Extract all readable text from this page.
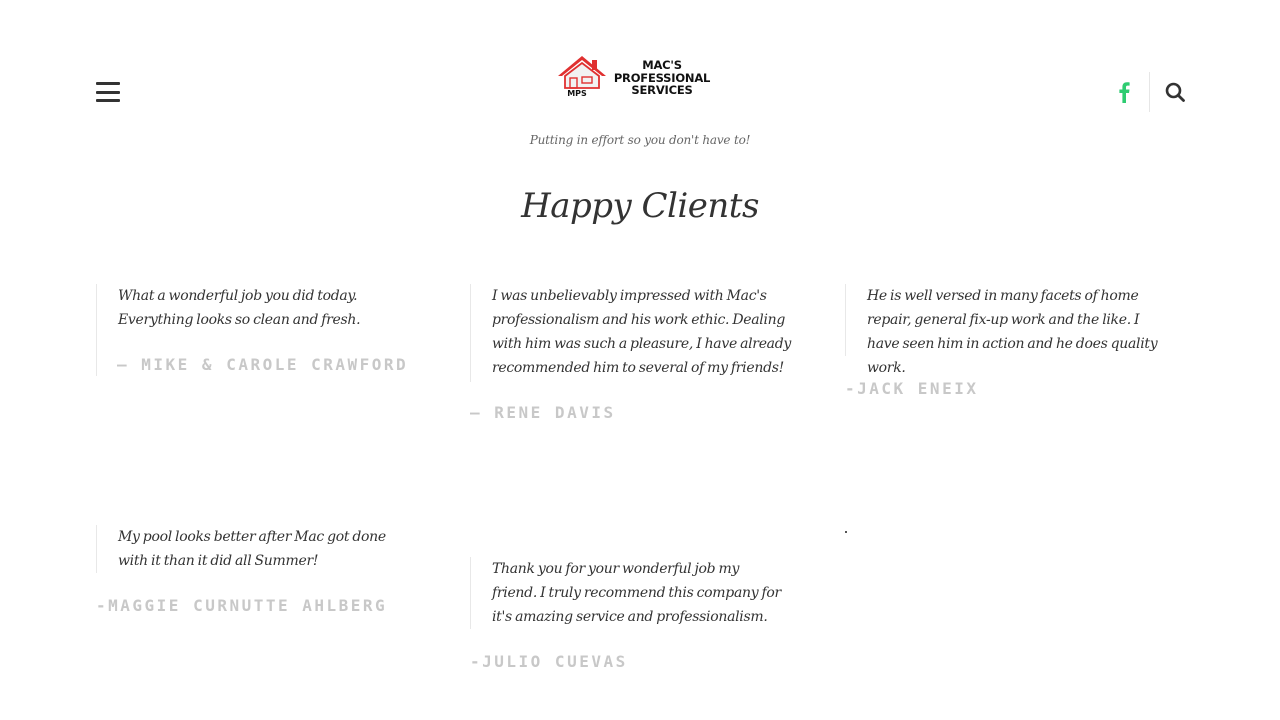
MPS
MAC'S
PROFESSIONAL
SERVICES
Putting in effort so you don't have to!
Happy Clients
What a wonderful job you did today. Everything looks so clean and fresh.
– MIKE & CAROLE CRAWFORD
I was unbelievably impressed with Mac's professionalism and his work ethic. Dealing with him was such a pleasure, I have already recommended him to several of my friends!
– RENE DAVIS
He is well versed in many facets of home repair, general fix-up work and the like. I have seen him in action and he does quality work.
-JACK ENEIX
My pool looks better after Mac got done with it than it did all Summer!
-MAGGIE CURNUTTE AHLBERG
Thank you for your wonderful job my friend. I truly recommend this company for it's amazing service and professionalism.
-JULIO CUEVAS
